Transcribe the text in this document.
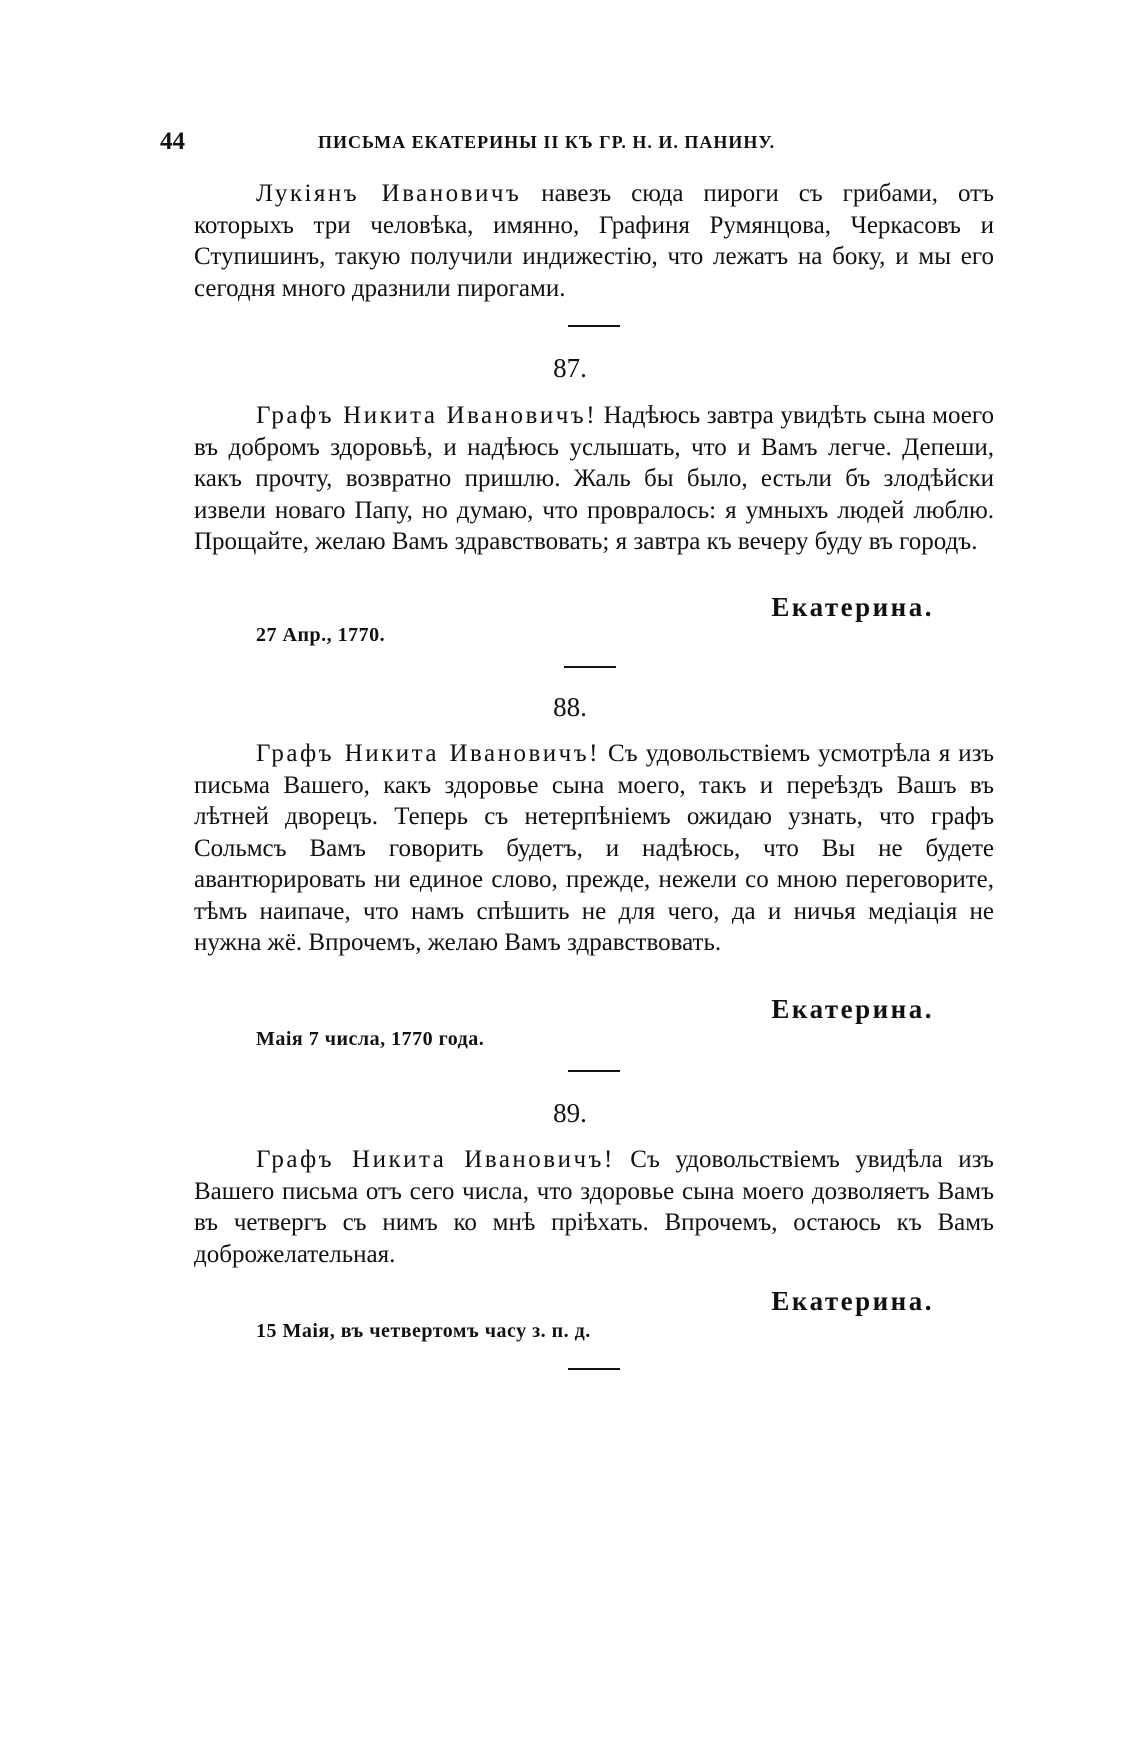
44	ПИСЬМА ЕКАТЕРИНЫ II КЪ ГР. Н. И. ПАНИНУ.

Лукіянъ Ивановичъ навезъ сюда пироги съ грибами, отъ которыхъ три человѣка, имянно, Графиня Румянцова, Черкасовъ и Ступишинъ, такую получили индижестію, что лежатъ на боку, и мы его сегодня много дразнили пирогами.

87.

Графъ Никита Ивановичъ! Надѣюсь завтра увидѣть сына моего въ добромъ здоровьѣ, и надѣюсь услышать, что и Вамъ легче. Депеши, какъ прочту, возвратно пришлю. Жаль бы было, естьли бъ злодѣйски извели новаго Папу, но думаю, что провралось: я умныхъ людей люблю. Прощайте, желаю Вамъ здравствовать; я завтра къ вечеру буду въ городъ.

Екатерина.
27 Апр., 1770.
88.

Графъ Никита Ивановичъ! Съ удовольствіемъ усмотрѣла я изъ письма Вашего, какъ здоровье сына моего, такъ и переѣздъ Вашъ въ лѣтней дворецъ. Теперь съ нетерпѣніемъ ожидаю узнать, что графъ Сольмсъ Вамъ говорить будетъ, и надѣюсь, что Вы не будете авантюрировать ни единое слово, прежде, нежели со мною переговорите, тѣмъ наипаче, что намъ спѣшить не для чего, да и ничья медіація не нужна жё. Впрочемъ, желаю Вамъ здравствовать.

Екатерина.
Маія 7 числа, 1770 года.
89.

Графъ Никита Ивановичъ! Съ удовольствіемъ увидѣла изъ Вашего письма отъ сего числа, что здоровье сына моего дозволяетъ Вамъ въ четвергъ съ нимъ ко мнѣ пріѣхать. Впрочемъ, остаюсь къ Вамъ доброжелательная.

Екатерина.
15 Маія, въ четвертомъ часу з. п. д.
